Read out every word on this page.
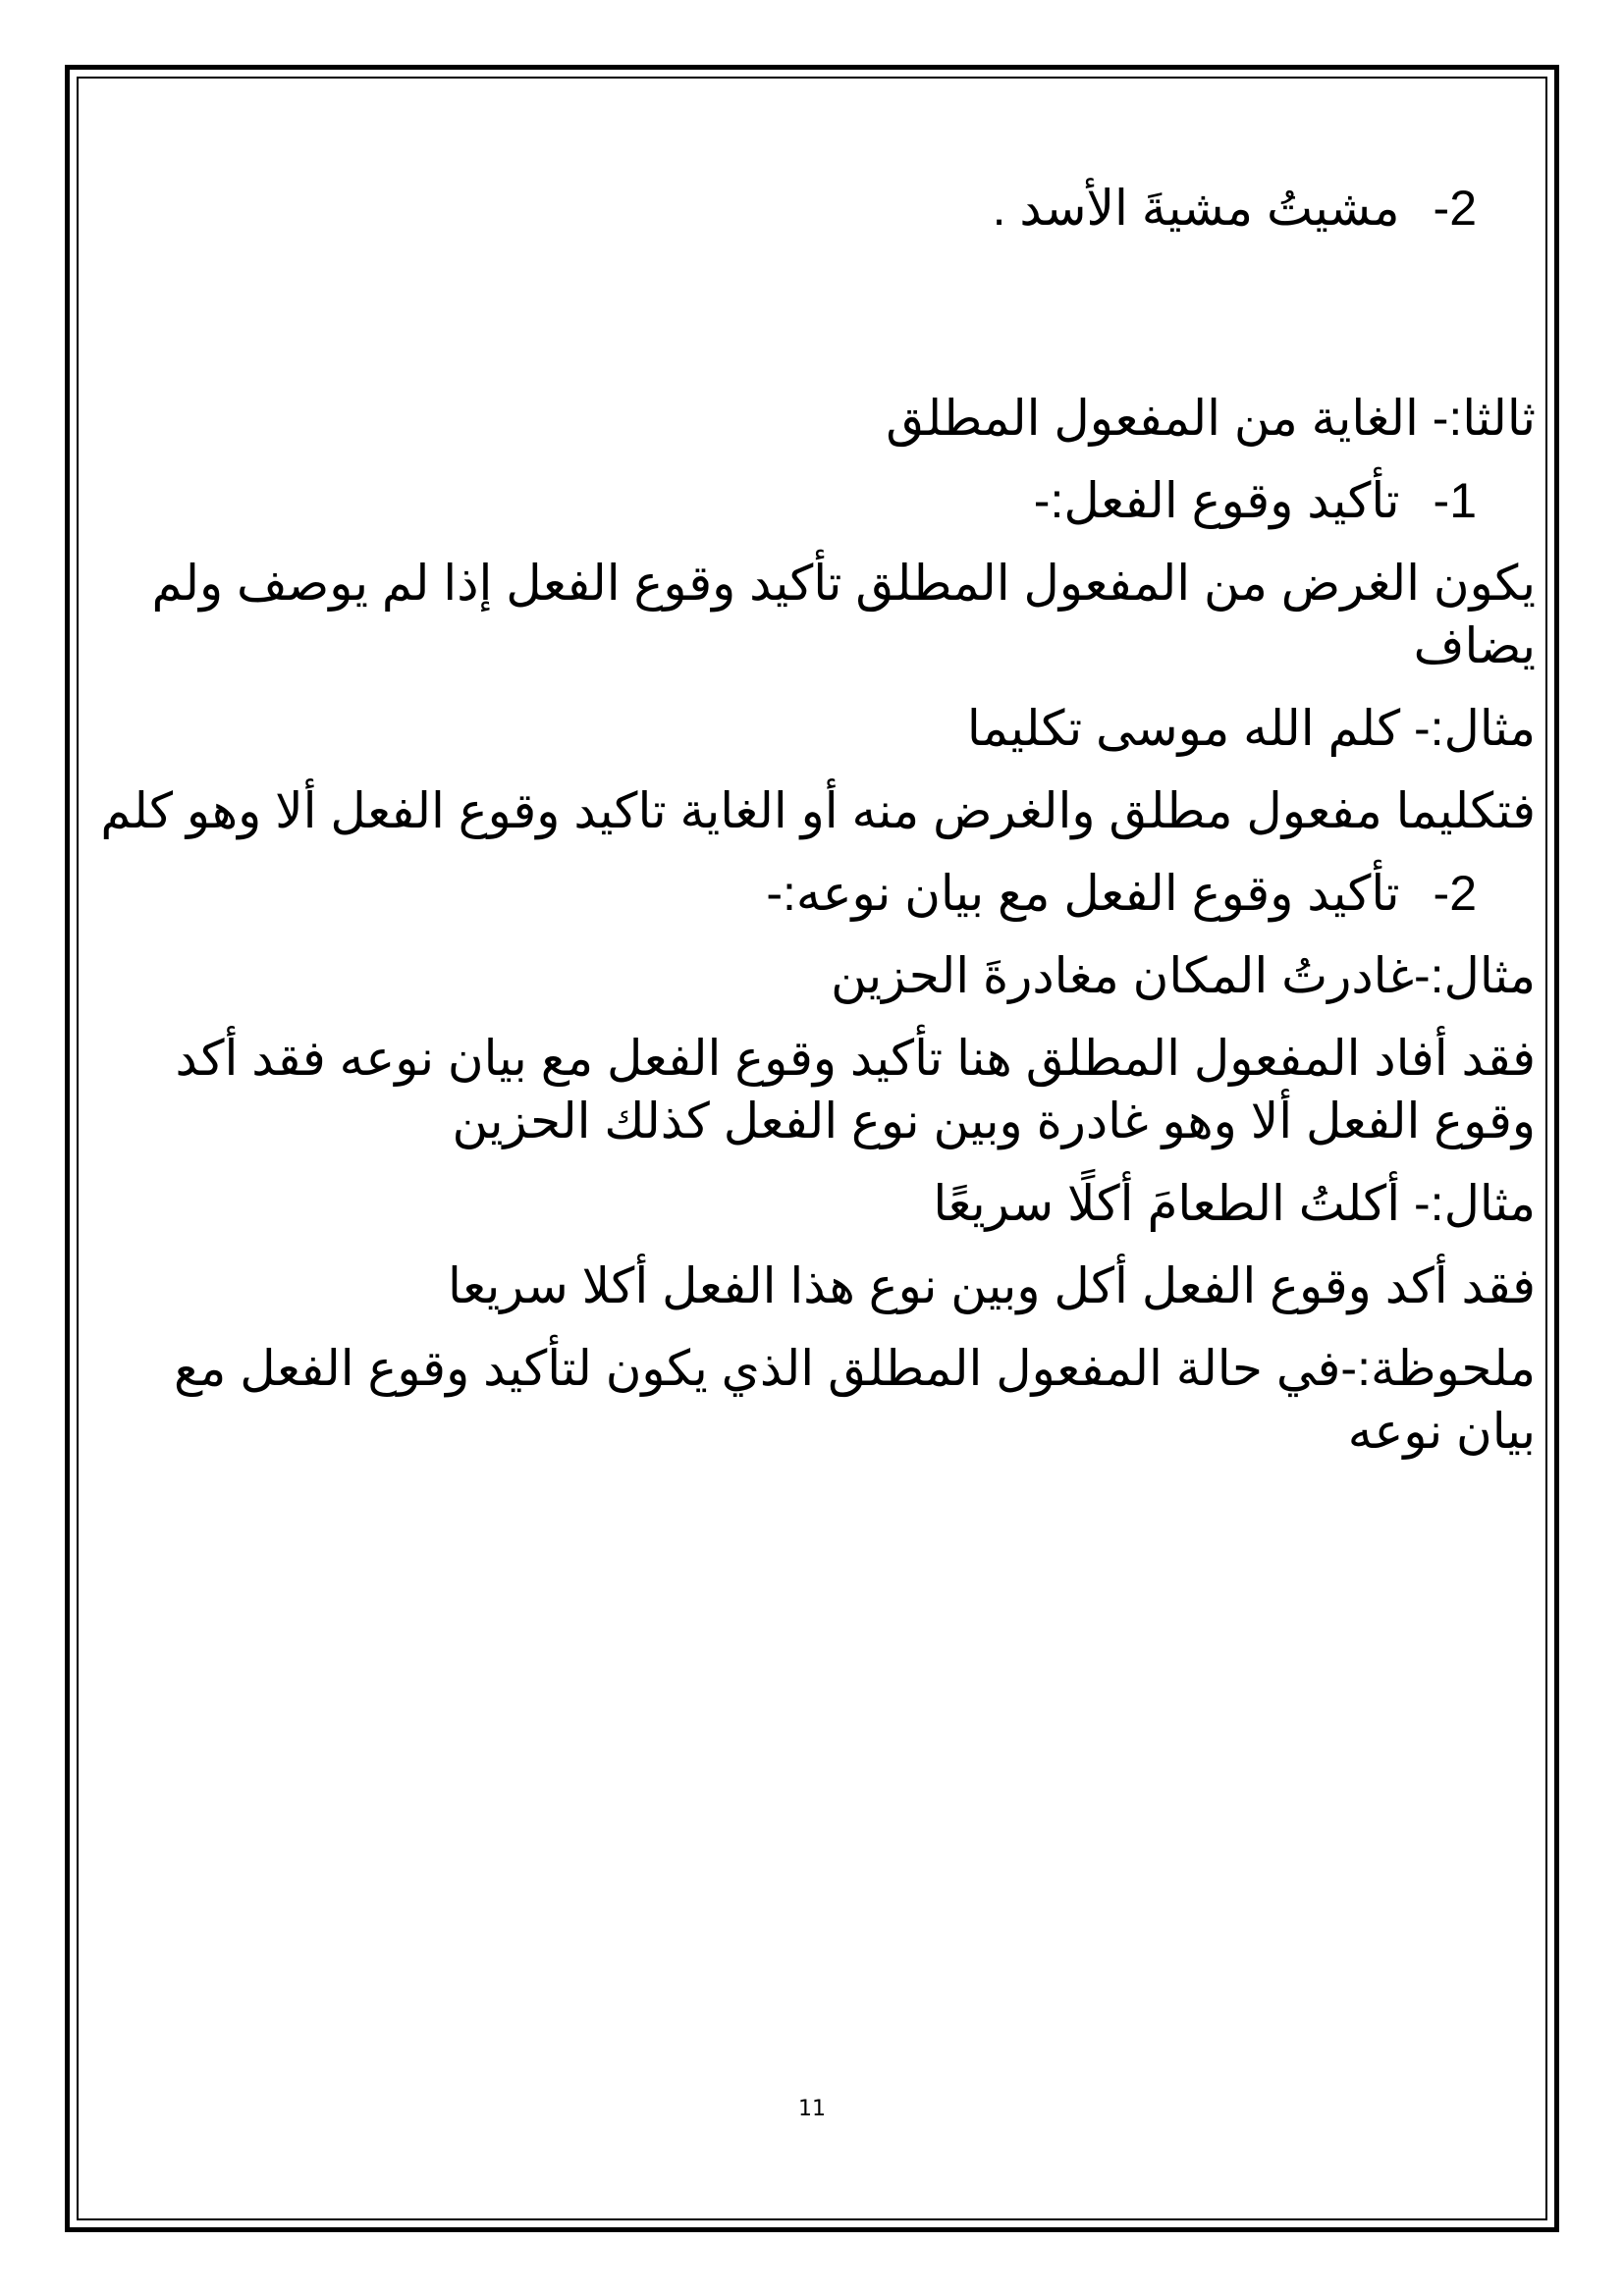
2-مشيتُ مشيةَ الأسد .

ثالثا:- الغاية من المفعول المطلق

1-تأكيد وقوع الفعل:-

يكون الغرض من المفعول المطلق تأكيد وقوع الفعل إذا لم يوصف ولم يضاف

مثال:- كلم الله موسى تكليما

فتكليما مفعول مطلق والغرض منه أو الغاية تاكيد وقوع الفعل ألا وهو كلم

2-تأكيد وقوع الفعل مع بيان نوعه:-

مثال:-غادرتُ المكان مغادرةَ الحزين

فقد أفاد المفعول المطلق هنا تأكيد وقوع الفعل مع بيان نوعه فقد أكد وقوع الفعل ألا وهو غادرة وبين نوع الفعل كذلك الحزين

مثال:- أكلتُ الطعامَ أكلًا سريعًا

فقد أكد وقوع الفعل أكل وبين نوع هذا الفعل أكلا سريعا

ملحوظة:-في حالة المفعول المطلق الذي يكون لتأكيد وقوع الفعل مع بيان نوعه

11
